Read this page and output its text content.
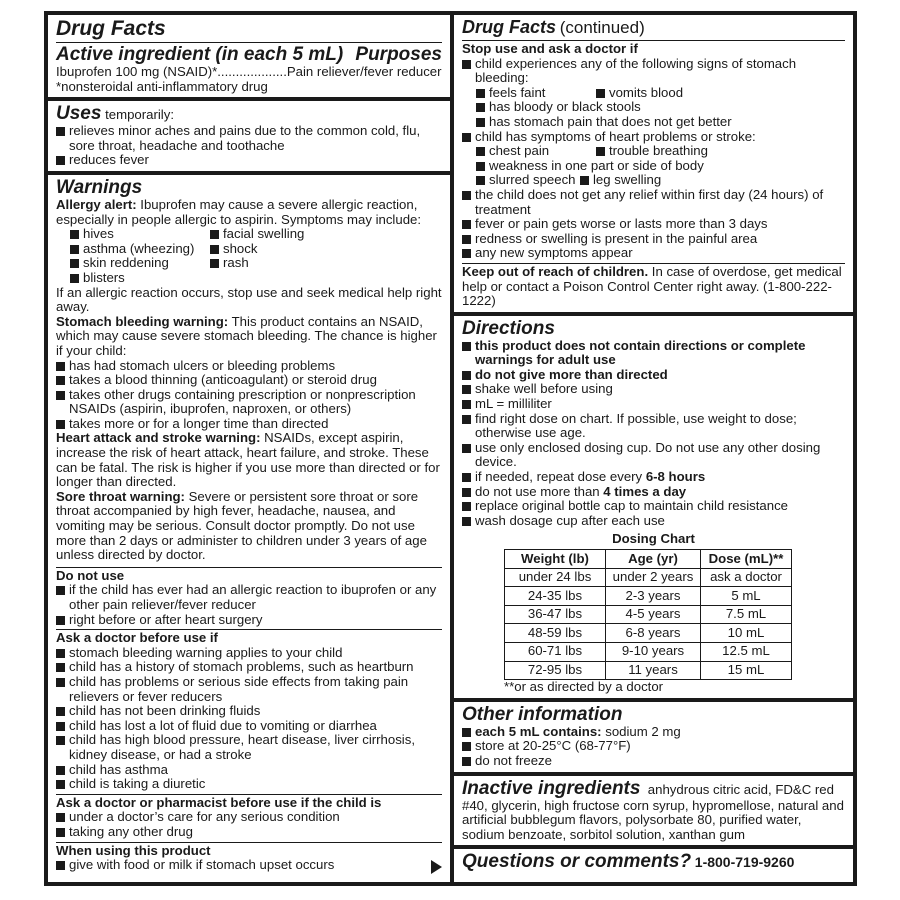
Drug Facts
Active ingredient (in each 5 mL) Purposes
Ibuprofen 100 mg (NSAID)*...................Pain reliever/fever reducer
*nonsteroidal anti-inflammatory drug
Uses temporarily:
relieves minor aches and pains due to the common cold, flu, sore throat, headache and toothache
reduces fever
Warnings
Allergy alert: Ibuprofen may cause a severe allergic reaction, especially in people allergic to aspirin. Symptoms may include:
hives	facial swelling
asthma (wheezing)	shock
skin reddening	rash
blisters
If an allergic reaction occurs, stop use and seek medical help right away.
Stomach bleeding warning: This product contains an NSAID, which may cause severe stomach bleeding. The chance is higher if your child:
has had stomach ulcers or bleeding problems
takes a blood thinning (anticoagulant) or steroid drug
takes other drugs containing prescription or nonprescription NSAIDs (aspirin, ibuprofen, naproxen, or others)
takes more or for a longer time than directed
Heart attack and stroke warning: NSAIDs, except aspirin, increase the risk of heart attack, heart failure, and stroke. These can be fatal. The risk is higher if you use more than directed or for longer than directed.
Sore throat warning: Severe or persistent sore throat or sore throat accompanied by high fever, headache, nausea, and vomiting may be serious. Consult doctor promptly. Do not use more than 2 days or administer to children under 3 years of age unless directed by doctor.
Do not use
if the child has ever had an allergic reaction to ibuprofen or any other pain reliever/fever reducer
right before or after heart surgery
Ask a doctor before use if
stomach bleeding warning applies to your child
child has a history of stomach problems, such as heartburn
child has problems or serious side effects from taking pain relievers or fever reducers
child has not been drinking fluids
child has lost a lot of fluid due to vomiting or diarrhea
child has high blood pressure, heart disease, liver cirrhosis, kidney disease, or had a stroke
child has asthma
child is taking a diuretic
Ask a doctor or pharmacist before use if the child is
under a doctor’s care for any serious condition
taking any other drug
When using this product
give with food or milk if stomach upset occurs
Drug Facts (continued)
Stop use and ask a doctor if
child experiences any of the following signs of stomach bleeding:
feels faint	vomits blood
has bloody or black stools
has stomach pain that does not get better
child has symptoms of heart problems or stroke:
chest pain	trouble breathing
weakness in one part or side of body
slurred speech	leg swelling
the child does not get any relief within first day (24 hours) of treatment
fever or pain gets worse or lasts more than 3 days
redness or swelling is present in the painful area
any new symptoms appear
Keep out of reach of children. In case of overdose, get medical help or contact a Poison Control Center right away. (1-800-222-1222)
Directions
this product does not contain directions or complete warnings for adult use
do not give more than directed
shake well before using
mL = milliliter
find right dose on chart. If possible, use weight to dose; otherwise use age.
use only enclosed dosing cup. Do not use any other dosing device.
if needed, repeat dose every 6-8 hours
do not use more than 4 times a day
replace original bottle cap to maintain child resistance
wash dosage cup after each use
Dosing Chart
Weight (lb)	Age (yr)	Dose (mL)**
under 24 lbs	under 2 years	ask a doctor
24-35 lbs	2-3 years	5 mL
36-47 lbs	4-5 years	7.5 mL
48-59 lbs	6-8 years	10 mL
60-71 lbs	9-10 years	12.5 mL
72-95 lbs	11 years	15 mL
**or as directed by a doctor
Other information
each 5 mL contains: sodium 2 mg
store at 20-25°C (68-77°F)
do not freeze
Inactive ingredients anhydrous citric acid, FD&C red #40, glycerin, high fructose corn syrup, hypromellose, natural and artificial bubblegum flavors, polysorbate 80, purified water, sodium benzoate, sorbitol solution, xanthan gum
Questions or comments? 1-800-719-9260
